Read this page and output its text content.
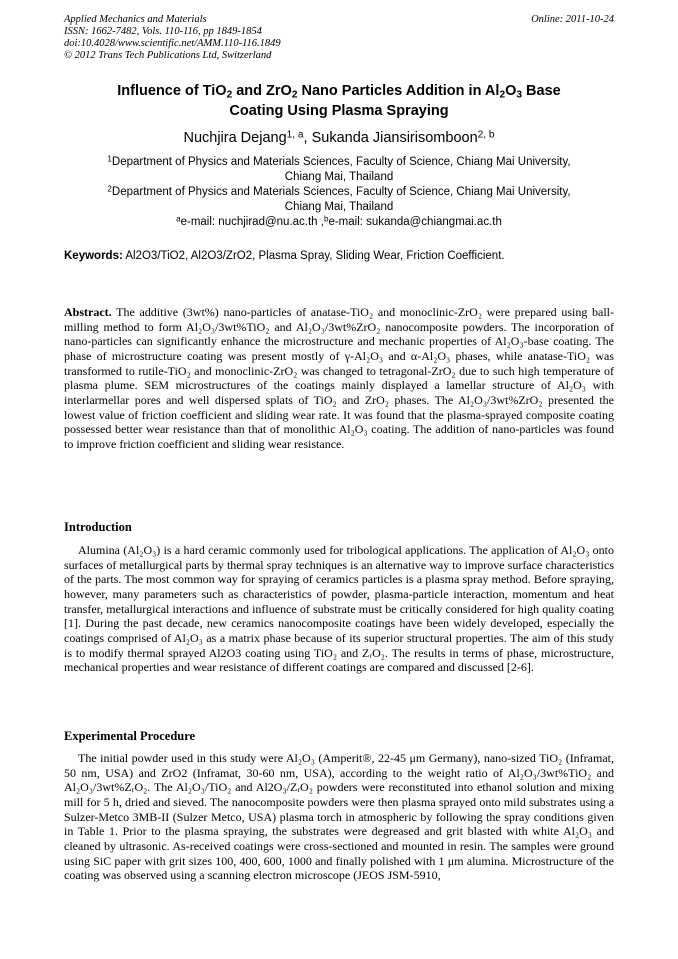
Applied Mechanics and Materials
ISSN: 1662-7482, Vols. 110-116, pp 1849-1854
doi:10.4028/www.scientific.net/AMM.110-116.1849
© 2012 Trans Tech Publications Ltd, Switzerland
Online: 2011-10-24
Influence of TiO$_2$ and ZrO$_2$ Nano Particles Addition in $Al_2O_3$ Base
Coating Using Plasma Spraying
Nuchjira Dejang$^{1, a}$, Sukanda Jiansirisomboon$^{2, b}$
$^1$Department of Physics and Materials Sciences, Faculty of Science, Chiang Mai University,
Chiang Mai, Thailand
$^2$Department of Physics and Materials Sciences, Faculty of Science, Chiang Mai University,
Chiang Mai, Thailand
$^a$e-mail: nuchjirad@nu.ac.th ,$^b$e-mail: sukanda@chiangmai.ac.th
Keywords: Al2O3/TiO2, Al2O3/ZrO2, Plasma Spray, Sliding Wear, Friction Coefficient.
Abstract. The additive (3wt%) nano-particles of anatase-TiO₂ and monoclinic-ZrO₂ were prepared using ball-milling method to form Al₂O₃/3wt%TiO₂ and Al₂O₃/3wt%ZrO₂ nanocomposite powders. The incorporation of nano-particles can significantly enhance the microstructure and mechanic properties of Al₂O₃-base coating. The phase of microstructure coating was present mostly of γ-Al₂O₃ and α-Al₂O₃ phases, while anatase-TiO₂ was transformed to rutile-TiO₂ and monoclinic-ZrO₂ was changed to tetragonal-ZrO₂ due to such high temperature of plasma plume. SEM microstructures of the coatings mainly displayed a lamellar structure of Al₂O₃ with interlarmellar pores and well dispersed splats of TiO₂ and ZrO₂ phases. The Al₂O₃/3wt%ZrO₂ presented the lowest value of friction coefficient and sliding wear rate. It was found that the plasma-sprayed composite coating possessed better wear resistance than that of monolithic Al₂O₃ coating. The addition of nano-particles was found to improve friction coefficient and sliding wear resistance.
Introduction
Alumina (Al₂O₃) is a hard ceramic commonly used for tribological applications. The application of Al₂O₃ onto surfaces of metallurgical parts by thermal spray techniques is an alternative way to improve surface characteristics of the parts. The most common way for spraying of ceramics particles is a plasma spray method. Before spraying, however, many parameters such as characteristics of powder, plasma-particle interaction, momentum and heat transfer, metallurgical interactions and influence of substrate must be critically considered for high quality coating [1]. During the past decade, new ceramics nanocomposite coatings have been widely developed, especially the coatings comprised of Al₂O₃ as a matrix phase because of its superior structural properties. The aim of this study is to modify thermal sprayed Al2O3 coating using TiO₂ and ZᵣO₂. The results in terms of phase, microstructure, mechanical properties and wear resistance of different coatings are compared and discussed [2-6].
Experimental Procedure
The initial powder used in this study were Al₂O₃ (Amperit®, 22-45 μm Germany), nano-sized TiO₂ (Inframat, 50 nm, USA) and ZrO2 (Inframat, 30-60 nm, USA), according to the weight ratio of Al₂O₃/3wt%TiO₂ and Al₂O₃/3wt%ZᵣO₂. The Al₂O₃/TiO₂ and Al2O₃/ZᵣO₂ powders were reconstituted into ethanol solution and mixing mill for 5 h, dried and sieved. The nanocomposite powders were then plasma sprayed onto mild substrates using a Sulzer-Metco 3MB-II (Sulzer Metco, USA) plasma torch in atmospheric by following the spray conditions given in Table 1. Prior to the plasma spraying, the substrates were degreased and grit blasted with white Al₂O₃ and cleaned by ultrasonic. As-received coatings were cross-sectioned and mounted in resin. The samples were ground using SiC paper with grit sizes 100, 400, 600, 1000 and finally polished with 1 μm alumina. Microstructure of the coating was observed using a scanning electron microscope (JEOS JSM-5910,
